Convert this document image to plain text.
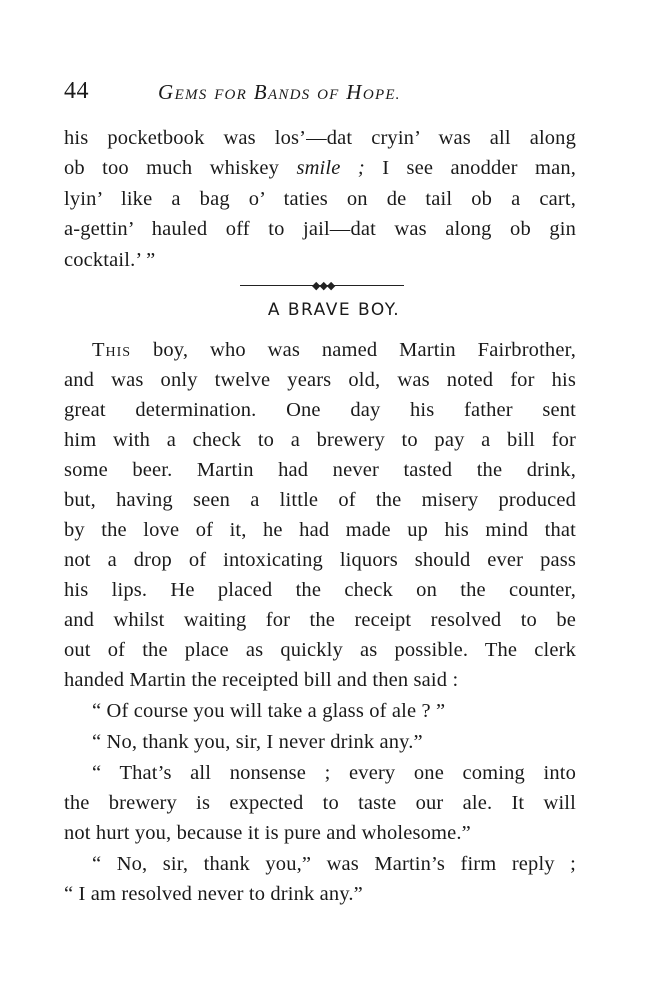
44	GEMS FOR BANDS OF HOPE.
his pocketbook was los’—dat cryin’ was all along
ob too much whiskey smile ; I see anodder man,
lyin’ like a bag o’ taties on de tail ob a cart,
a-gettin’ hauled off to jail—dat was along ob gin
cocktail.’ ”
◆◆◆
A BRAVE BOY.
This boy, who was named Martin Fairbrother,
and was only twelve years old, was noted for his
great determination. One day his father sent
him with a check to a brewery to pay a bill for
some beer. Martin had never tasted the drink,
but, having seen a little of the misery produced
by the love of it, he had made up his mind that
not a drop of intoxicating liquors should ever pass
his lips. He placed the check on the counter,
and whilst waiting for the receipt resolved to be
out of the place as quickly as possible. The clerk
handed Martin the receipted bill and then said :
“ Of course you will take a glass of ale ? ”
“ No, thank you, sir, I never drink any.”
“ That’s all nonsense ; every one coming into
the brewery is expected to taste our ale. It will
not hurt you, because it is pure and wholesome.”
“ No, sir, thank you,” was Martin’s firm reply ;
“ I am resolved never to drink any.”
